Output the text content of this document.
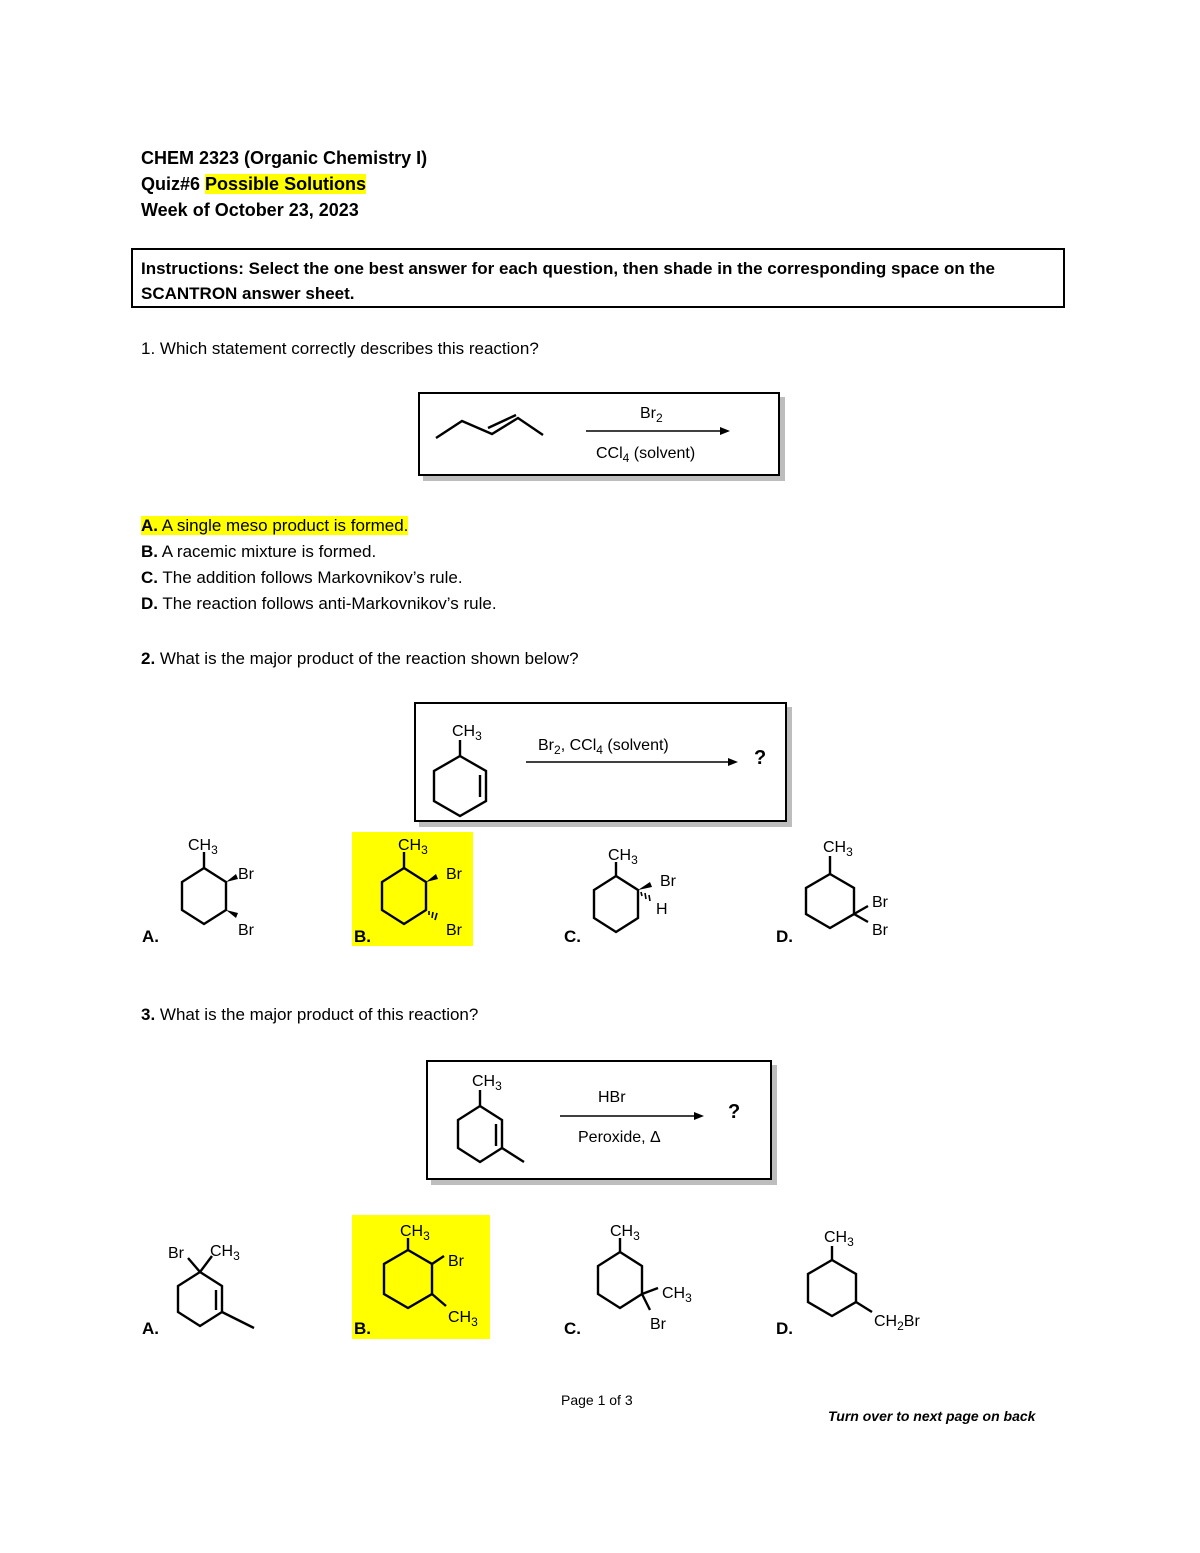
CHEM 2323 (Organic Chemistry I)
Quiz#6 Possible Solutions
Week of October 23, 2023
Instructions: Select the one best answer for each question, then shade in the corresponding space on the SCANTRON answer sheet.
1. Which statement correctly describes this reaction?
$Br_2$
CCl$_4$ (solvent)
A. A single meso product is formed.
B. A racemic mixture is formed.
C. The addition follows Markovnikov’s rule.
D. The reaction follows anti-Markovnikov’s rule.
2. What is the major product of the reaction shown below?
$CH_3$
$Br_2$, CCl$_4$ (solvent)
?
A.
$CH_3$
Br
Br	B.
$CH_3$
Br
Br	C.
$CH_3$
Br
H
D.
$CH_3$
Br
Br
3. What is the major product of this reaction?
$CH_3$
HBr
Peroxide, Δ
?
A.
Br $CH_3$
B.
$CH_3$
Br
$CH_3$	C.
$CH_3$
$CH_3$
Br	D.
$CH_3$
$CH_2Br$
Page 1 of 3
Turn over to next page on back
